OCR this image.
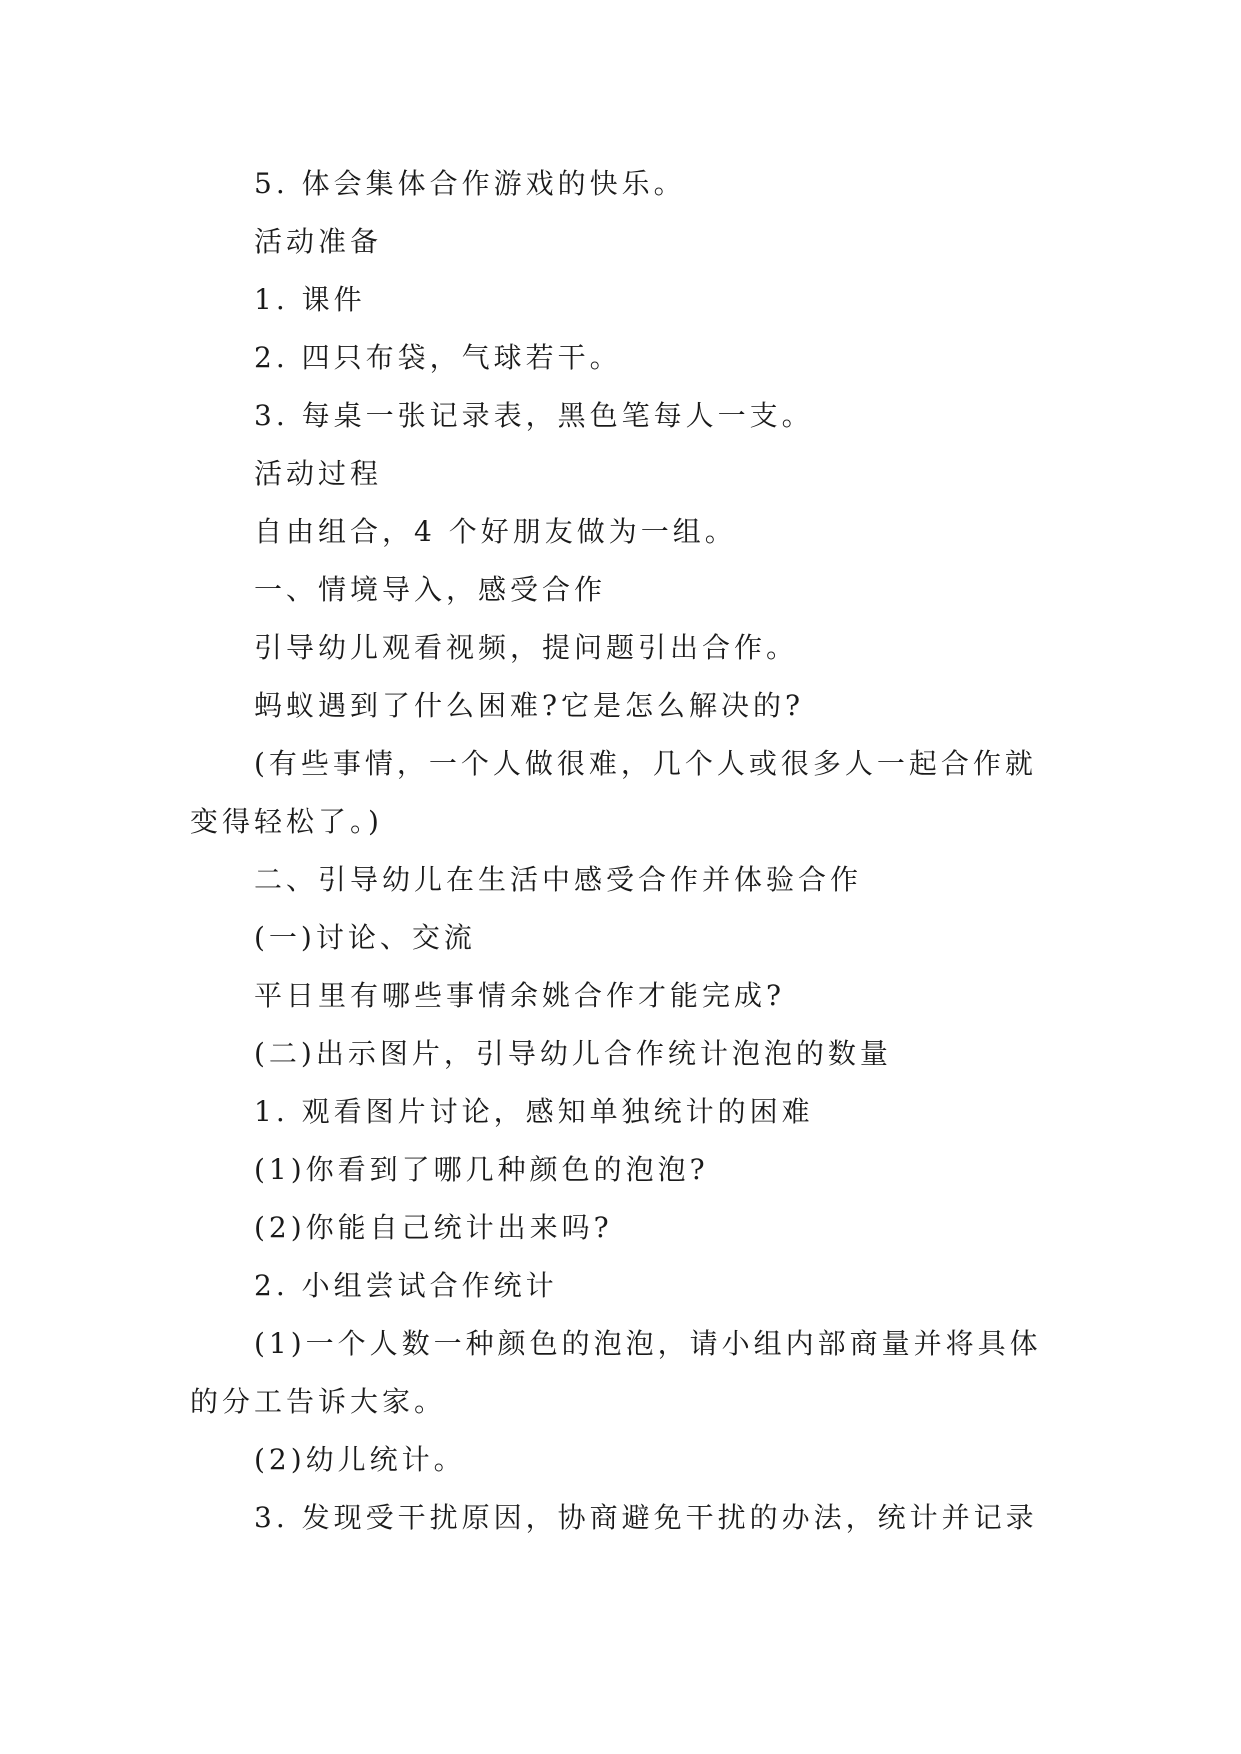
5. 体会集体合作游戏的快乐。

活动准备

1. 课件

2. 四只布袋，气球若干。

3. 每桌一张记录表，黑色笔每人一支。

活动过程

自由组合，4 个好朋友做为一组。

一、情境导入，感受合作

引导幼儿观看视频，提问题引出合作。

蚂蚁遇到了什么困难?它是怎么解决的?

(有些事情，一个人做很难，几个人或很多人一起合作就变得轻松了。)

二、引导幼儿在生活中感受合作并体验合作

(一)讨论、交流

平日里有哪些事情余姚合作才能完成?

(二)出示图片，引导幼儿合作统计泡泡的数量

1. 观看图片讨论，感知单独统计的困难

(1)你看到了哪几种颜色的泡泡?

(2)你能自己统计出来吗?

2. 小组尝试合作统计

(1)一个人数一种颜色的泡泡，请小组内部商量并将具体的分工告诉大家。

(2)幼儿统计。

3. 发现受干扰原因，协商避免干扰的办法，统计并记录
